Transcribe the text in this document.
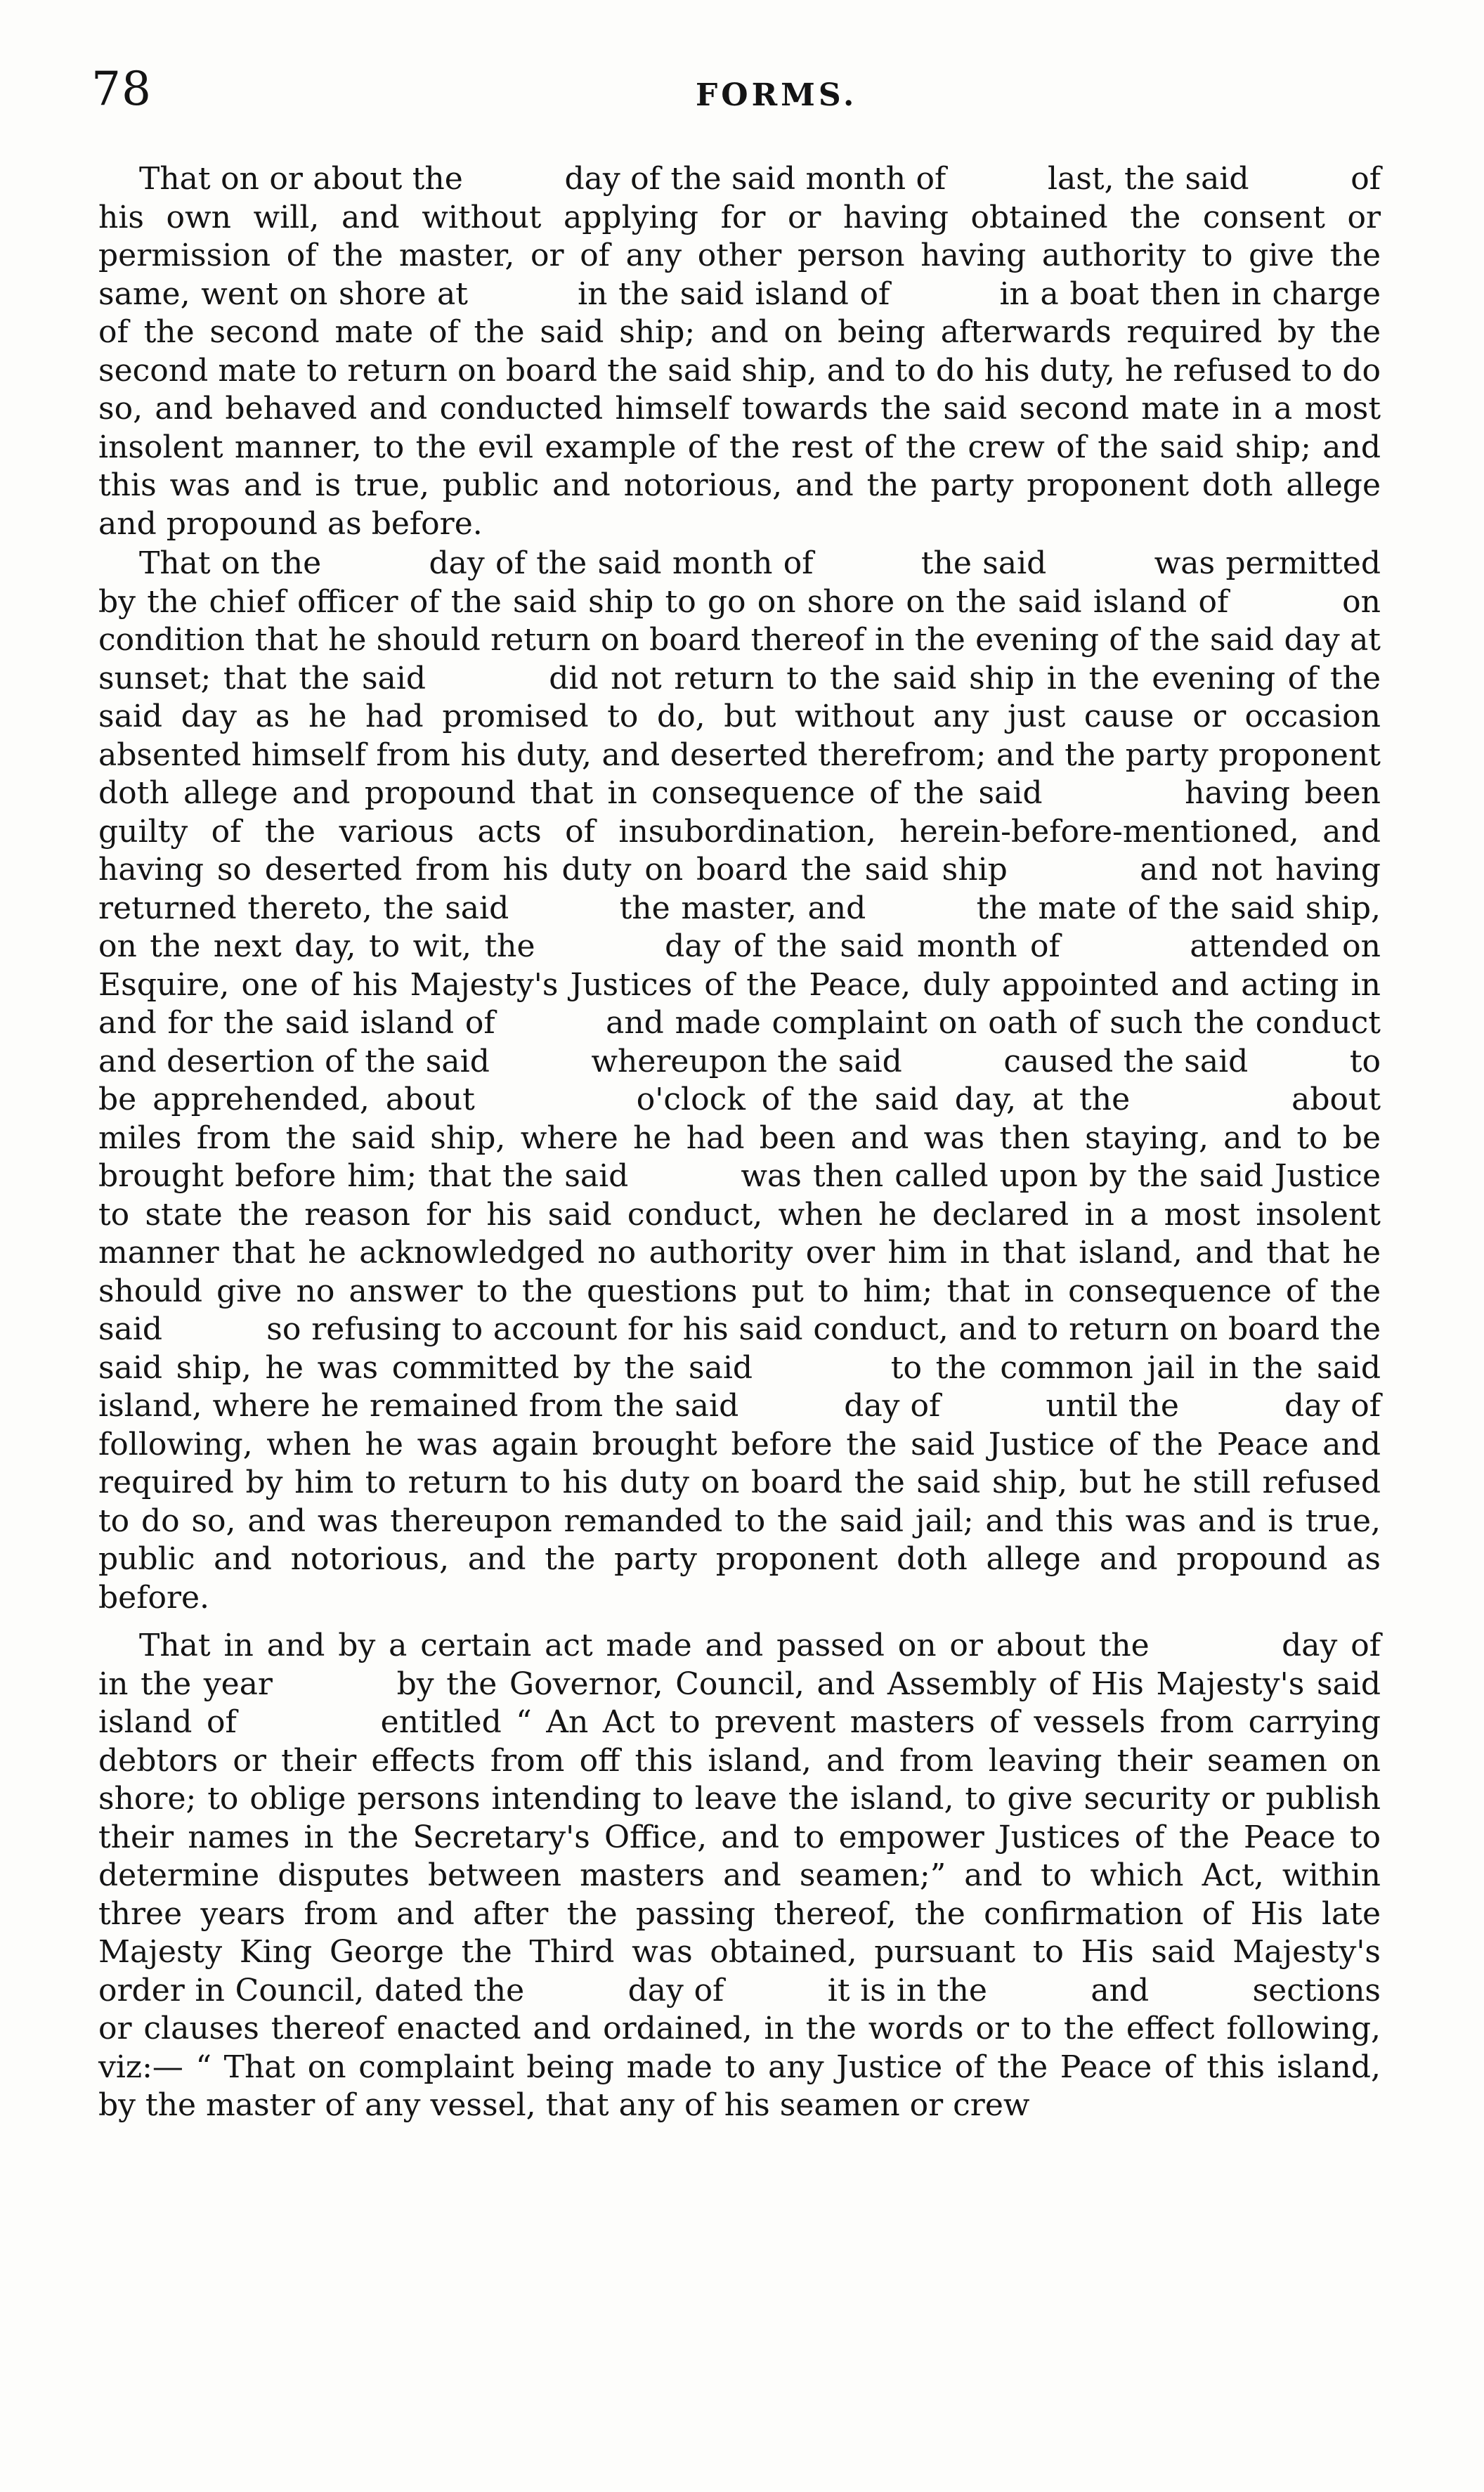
78	FORMS.

That on or about the          day of the said month of          last, the said          of his own will, and without applying for or having obtained the consent or permission of the master, or of any other person having authority to give the same, went on shore at          in the said island of          in a boat then in charge of the second mate of the said ship; and on being afterwards required by the second mate to return on board the said ship, and to do his duty, he refused to do so, and behaved and conducted himself towards the said second mate in a most insolent manner, to the evil example of the rest of the crew of the said ship; and this was and is true, public and notorious, and the party proponent doth allege and propound as before.

That on the          day of the said month of          the said          was permitted by the chief officer of the said ship to go on shore on the said island of          on condition that he should return on board thereof in the evening of the said day at sunset; that the said          did not return to the said ship in the evening of the said day as he had promised to do, but without any just cause or occasion absented himself from his duty, and deserted therefrom; and the party proponent doth allege and propound that in consequence of the said          having been guilty of the various acts of insubordination, herein-before-mentioned, and having so deserted from his duty on board the said ship          and not having returned thereto, the said          the master, and          the mate of the said ship, on the next day, to wit, the          day of the said month of          attended on          Esquire, one of his Majesty's Justices of the Peace, duly appointed and acting in and for the said island of          and made complaint on oath of such the conduct and desertion of the said          whereupon the said          caused the said          to be apprehended, about          o'clock of the said day, at the          about          miles from the said ship, where he had been and was then staying, and to be brought before him; that the said          was then called upon by the said Justice to state the reason for his said conduct, when he declared in a most insolent manner that he acknowledged no authority over him in that island, and that he should give no answer to the questions put to him; that in consequence of the said          so refusing to account for his said conduct, and to return on board the said ship, he was committed by the said          to the common jail in the said island, where he remained from the said          day of          until the          day of          following, when he was again brought before the said Justice of the Peace and required by him to return to his duty on board the said ship, but he still refused to do so, and was thereupon remanded to the said jail; and this was and is true, public and notorious, and the party proponent doth allege and propound as before.

That in and by a certain act made and passed on or about the          day of          in the year          by the Governor, Council, and Assembly of His Majesty's said island of          entitled “ An Act to prevent masters of vessels from carrying debtors or their effects from off this island, and from leaving their seamen on shore; to oblige persons intending to leave the island, to give security or publish their names in the Secretary's Office, and to empower Justices of the Peace to determine disputes between masters and seamen;” and to which Act, within three years from and after the passing thereof, the confirmation of His late Majesty King George the Third was obtained, pursuant to His said Majesty's order in Council, dated the          day of          it is in the          and          sections or clauses thereof enacted and ordained, in the words or to the effect following, viz:— “ That on complaint being made to any Justice of the Peace of this island, by the master of any vessel, that any of his seamen or crew
